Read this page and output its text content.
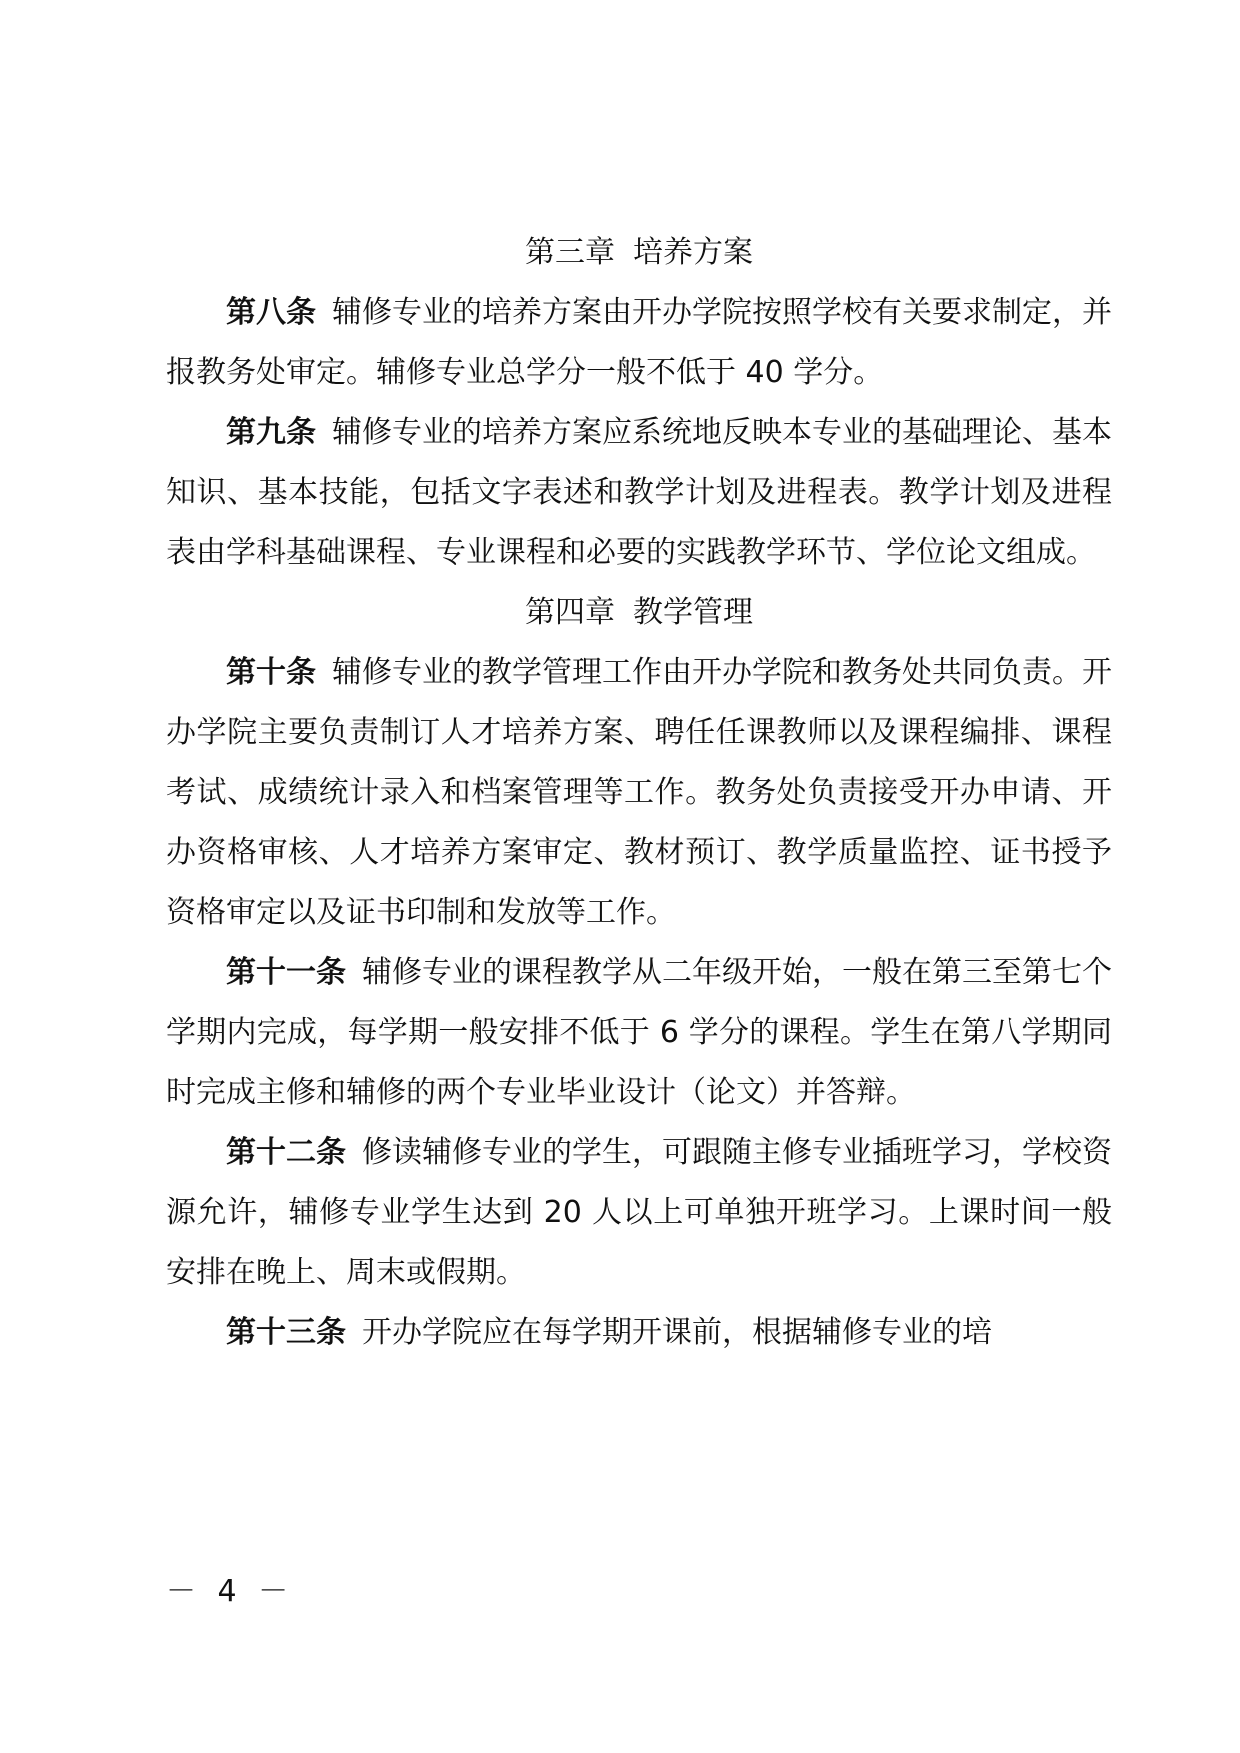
第三章 培养方案

第八条 辅修专业的培养方案由开办学院按照学校有关要求制定，并报教务处审定。辅修专业总学分一般不低于 40 学分。

第九条 辅修专业的培养方案应系统地反映本专业的基础理论、基本知识、基本技能，包括文字表述和教学计划及进程表。教学计划及进程表由学科基础课程、专业课程和必要的实践教学环节、学位论文组成。

第四章 教学管理

第十条 辅修专业的教学管理工作由开办学院和教务处共同负责。开办学院主要负责制订人才培养方案、聘任任课教师以及课程编排、课程考试、成绩统计录入和档案管理等工作。教务处负责接受开办申请、开办资格审核、人才培养方案审定、教材预订、教学质量监控、证书授予资格审定以及证书印制和发放等工作。

第十一条 辅修专业的课程教学从二年级开始，一般在第三至第七个学期内完成，每学期一般安排不低于 6 学分的课程。学生在第八学期同时完成主修和辅修的两个专业毕业设计（论文）并答辩。

第十二条 修读辅修专业的学生，可跟随主修专业插班学习，学校资源允许，辅修专业学生达到 20 人以上可单独开班学习。上课时间一般安排在晚上、周末或假期。

第十三条 开办学院应在每学期开课前，根据辅修专业的培

－ 4 －
